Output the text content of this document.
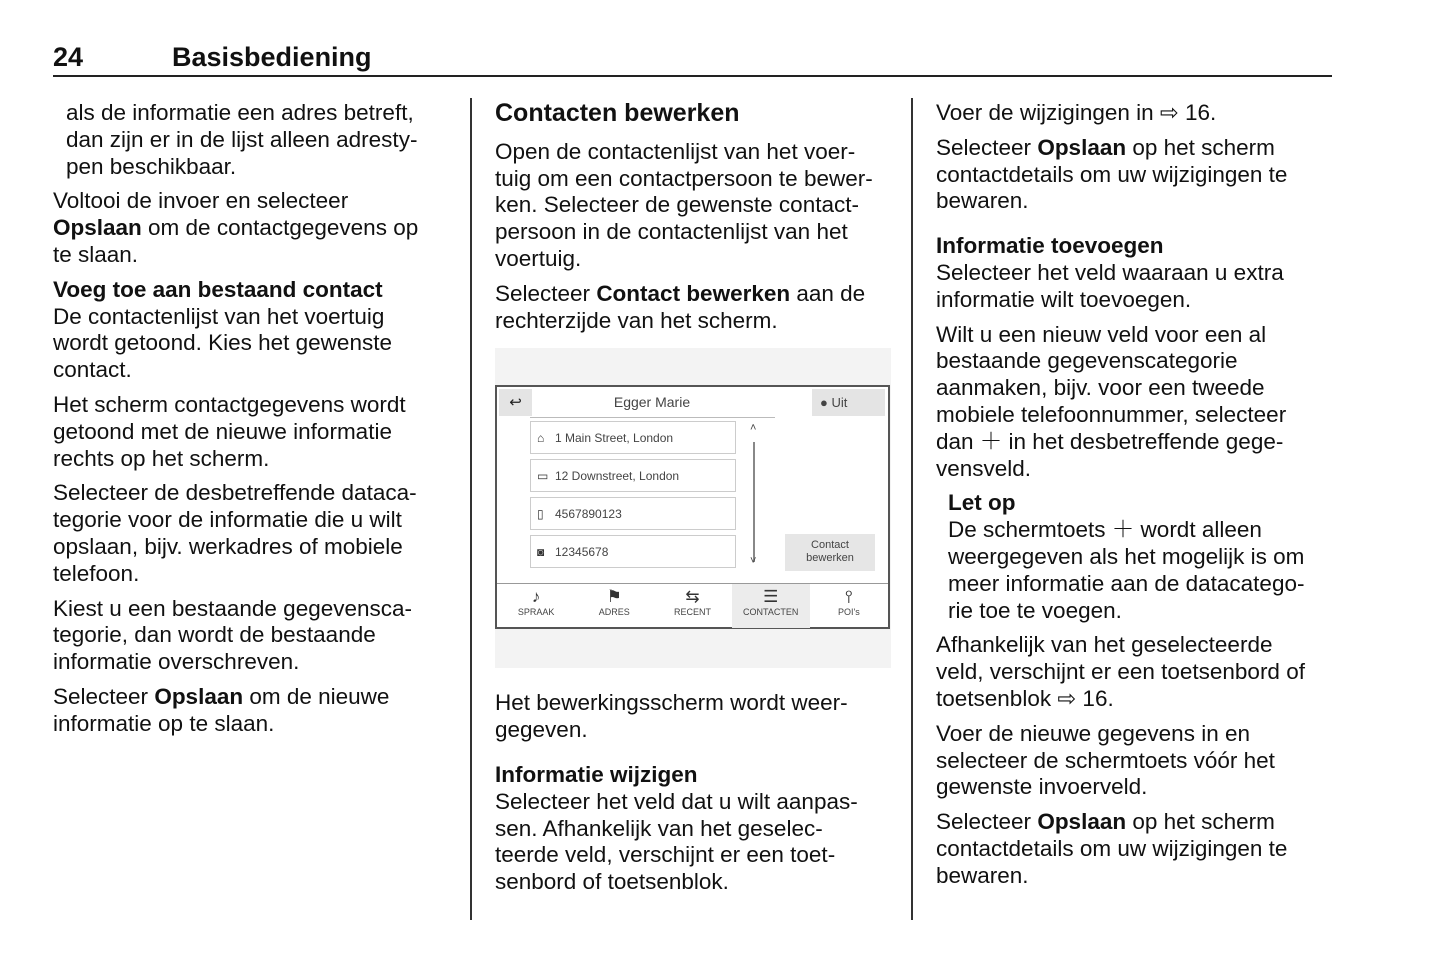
24	Basisbediening

als de informatie een adres betreft,
dan zijn er in de lijst alleen adresty-
pen beschikbaar.

Voltooi de invoer en selecteer
Opslaan om de contactgegevens op
te slaan.

Voeg toe aan bestaand contact

De contactenlijst van het voertuig
wordt getoond. Kies het gewenste
contact.

Het scherm contactgegevens wordt
getoond met de nieuwe informatie
rechts op het scherm.

Selecteer de desbetreffende dataca-
tegorie voor de informatie die u wilt
opslaan, bijv. werkadres of mobiele
telefoon.

Kiest u een bestaande gegevensca-
tegorie, dan wordt de bestaande
informatie overschreven.

Selecteer Opslaan om de nieuwe
informatie op te slaan.

Contacten bewerken

Open de contactenlijst van het voer-
tuig om een contactpersoon te bewer-
ken. Selecteer de gewenste contact-
persoon in de contactenlijst van het
voertuig.

Selecteer Contact bewerken aan de
rechterzijde van het scherm.

↩	Egger Marie	● Uit
⌂ 1 Main Street, London
▭ 12 Downstreet, London
▯ 4567890123
◙ 12345678
˄
˅
Contact
bewerken
♪
SPRAAK
⚑
ADRES
⇆
RECENT
☰
CONTACTEN
⫯
POI's

Het bewerkingsscherm wordt weer-
gegeven.

Informatie wijzigen

Selecteer het veld dat u wilt aanpas-
sen. Afhankelijk van het geselec-
teerde veld, verschijnt er een toet-
senbord of toetsenblok.

Voer de wijzigingen in ⇨ 16.

Selecteer Opslaan op het scherm
contactdetails om uw wijzigingen te
bewaren.

Informatie toevoegen

Selecteer het veld waaraan u extra
informatie wilt toevoegen.

Wilt u een nieuw veld voor een al
bestaande gegevenscategorie
aanmaken, bijv. voor een tweede
mobiele telefoonnummer, selecteer
dan ＋ in het desbetreffende gege-
vensveld.

Let op

De schermtoets ＋ wordt alleen
weergegeven als het mogelijk is om
meer informatie aan de datacatego-
rie toe te voegen.

Afhankelijk van het geselecteerde
veld, verschijnt er een toetsenbord of
toetsenblok ⇨ 16.

Voer de nieuwe gegevens in en
selecteer de schermtoets vóór het
gewenste invoerveld.

Selecteer Opslaan op het scherm
contactdetails om uw wijzigingen te
bewaren.
